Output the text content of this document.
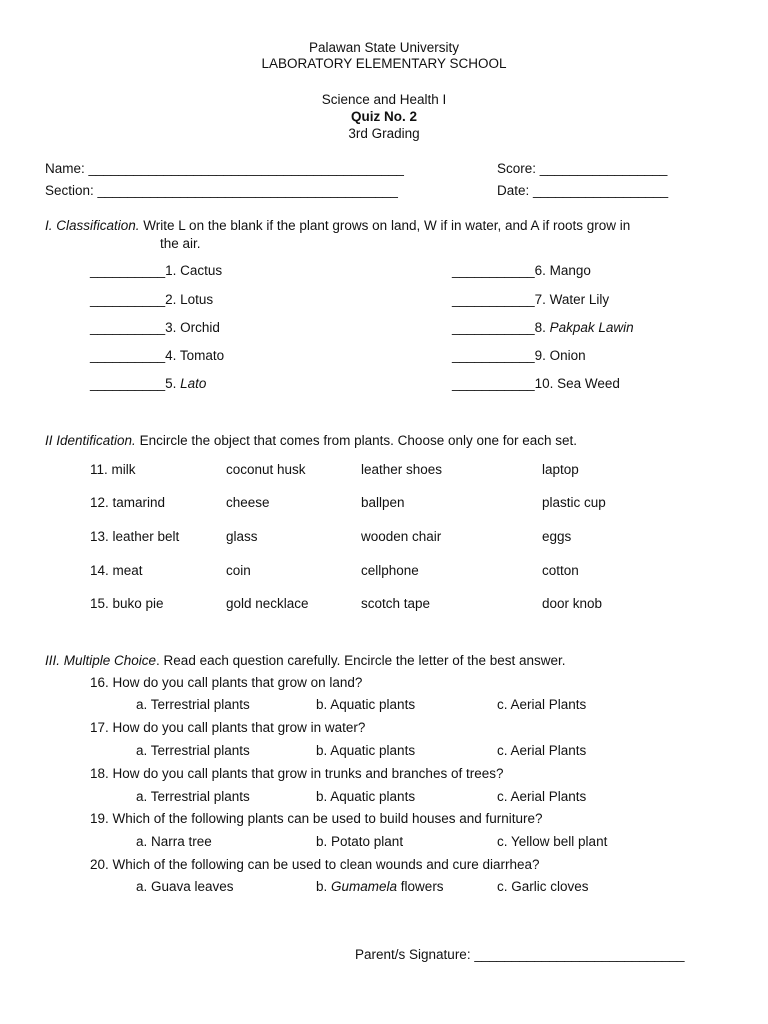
Palawan State University
LABORATORY ELEMENTARY SCHOOL
Science and Health I
Quiz No. 2
3rd Grading
Name: __________________________________________
Section: ________________________________________
Score: _________________
Date: __________________
I. Classification. Write L on the blank if the plant grows on land, W if in water, and A if roots grow in
the air.
__________1. Cactus
__________2. Lotus
__________3. Orchid
__________4. Tomato
__________5. Lato
___________6. Mango
___________7. Water Lily
___________8. Pakpak Lawin
___________9. Onion
___________10. Sea Weed
II Identification. Encircle the object that comes from plants. Choose only one for each set.
11. milk	coconut husk	leather shoes	laptop
12. tamarind	cheese	ballpen	plastic cup
13. leather belt	glass	wooden chair	eggs
14. meat	coin	cellphone	cotton
15. buko pie	gold necklace	scotch tape	door knob
III. Multiple Choice. Read each question carefully. Encircle the letter of the best answer.
16. How do you call plants that grow on land?
a. Terrestrial plants	b. Aquatic plants	c. Aerial Plants
17. How do you call plants that grow in water?
a. Terrestrial plants	b. Aquatic plants	c. Aerial Plants
18. How do you call plants that grow in trunks and branches of trees?
a. Terrestrial plants	b. Aquatic plants	c. Aerial Plants
19. Which of the following plants can be used to build houses and furniture?
a. Narra tree	b. Potato plant	c. Yellow bell plant
20. Which of the following can be used to clean wounds and cure diarrhea?
a. Guava leaves	b. Gumamela flowers	c. Garlic cloves
Parent/s Signature: ____________________________
